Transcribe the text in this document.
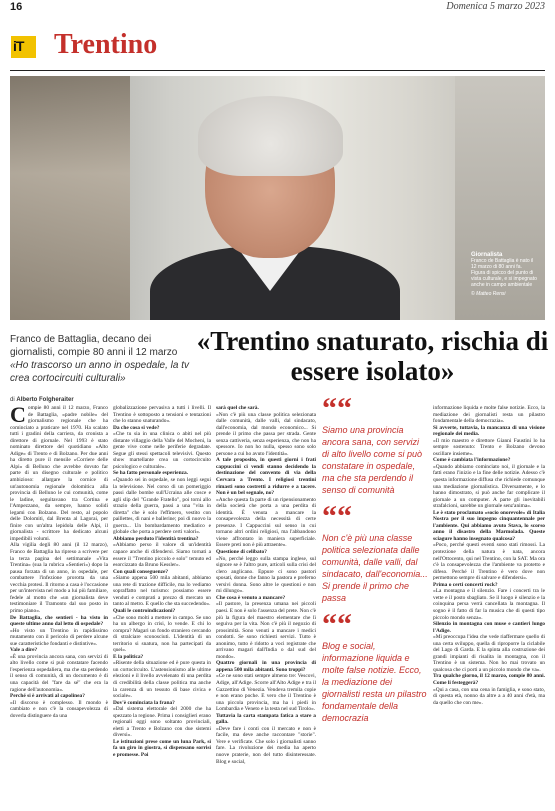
16	Domenica 5 marzo 2023
iT Trentino
Giornalista
Franco de Battaglia è nato il 12 marzo di 80 anni fa. Figura di spicco del punto di vista culturale, e si impegnato anche in campo ambientale
© Matteo Rensi
Franco de Battaglia, decano dei giornalisti, compie 80 anni il 12 marzo «Ho trascorso un anno in ospedale, la tv crea cortocircuiti culturali»
«Trentino snaturato, rischia di essere isolato»
di Alberto Folgheraiter

Compie 80 anni il 12 marzo, Franco de Battaglia, «padre nobile» del giornalismo regionale che ha cominciato a praticare nel 1970. Ha scalato tutti i gradini della carriera, da cronista a direttore di giornale. Nel 1993 è stato nominato direttore del quotidiano «Alto Adige» di Trento e di Bolzano. Per due anni ha diretto pure il mensile «Corriere delle Alpi» di Belluno che avrebbe dovuto far parte di un disegno culturale e politico ambizioso: allargare la cornice di un'autonomia regionale dolomitica alla provincia di Belluno le cui comunità, come le ladine, seguitavano tra Cortina e l'Ampezzano, da sempre, hanno solidi legami con Bolzano. Del resto, al popolo delle Dolomiti, dal Brenta al Lagorai, per finire con un'altra lepidola delle Alpi, il giornalista - scrittore ha dedicato alcuni impedibili volumi.

Alla vigilia degli 80 anni (il 12 marzo), Franco de Battaglia ha ripreso a scrivere per la terza pagina del settimanale «Vita Trentina» (sua la rubrica «Sentieri») dopo la pausa forzata di un anno, in ospedale, per combattere l'infezione prorotta da una vecchia protesi. Il ritorno a casa è l'occasione per un'intervista nel modo a lui più familiare, fedele al motto che «un giornalista deve testimoniare il Tramonto dal suo posto in primo piano».

De Battaglia, che sentieri - ha visto in queste ultime anno dal letto di ospedale?

«Ho visto un Trentino in rapidissimo mutamento con il pericolo di perdere alcune sue caratteristiche fondanti e distintive».

Vale a dire?

«È una provincia ancora sana, con servizi di alto livello come si può constatare facendo l'esperienza ospedaliera, ma che sta perdendo il senso di comunità, di un documento è di una capacità del "fare da sé" che era la ragione dell'autonomia».

Perché si è arrivati al capolinea?

«Il discorso è complesso. Il mondo è cambiato e non c'è la consapevolezza di doverla distinguere da una

globalizzazione pervasiva a tutti i livelli. Il Trentino è sottoposto a tensioni e tentazioni che lo stanno snaturando».

Da che cosa si vede?

«Che tu sia in una clinica o abiti nel più distante villaggio della Valle del Mocheni, la gente vive come nelle periferie degradate. Segue gli stessi spettacoli televisivi. Questo show martellante crea un cortocircuito psicologico e culturale».

Se ha fatto personale esperienza.

«Quando sei in ospedale, se non leggi segui la televisione. Nel corso di un pomeriggio passi dalle bombe sull'Ucraina alle cosce e agli slip del "Grande Fratello", poi torni allo strazio della guerra, passi a una "vita in diretta" che è solo l'effimero, vestito con paillettes, di nani e ballerine; poi di nuovo la guerra... Un bombardamento mediatico e globale che porta a perdere certi valori».

Abbiamo perduto l'identità trentina?

«Abbiamo perso il valore di un'identità capace anche di difendersi. Siamo tornati a essere il "Trentino piccolo e solo" temuto ed esorcizzato da Bruno Kessler».

Con quali conseguenze?

«Siamo appena 500 mila abitanti, abbiamo una rete di trazione difficile, ma lo vediamo sopraffatto nel turismo: possiamo essere venduti e comprati a prezzo di mercato un tanto al metro. E quello che sta succedendo».

Quali le controindicazioni?

«Che sono molti a mettere in campo. Se uno ha un albergo in crisi, lo vende. E chi lo compra? Magari un fondo straniero cercando di stralciare sconosciuti. L'identità di un territorio si snatura, non ha partecipati da quel».

E la politica?

«Risente della situazione ed è pure questa in un cortocircuito. L'astensionismo alle ultime elezioni e il livello avvelenato di una perdita di credibilità della classe politica ma anche la carenza di un tessuto di base civica e sociale».

Dov'è cominciata la frana?

«Dal sistema elettorale del 2000 che ha spezzato la regione. Prima i consiglieri erano regionali oggi sono soltanto provinciali, eletti a Trento e Bolzano con due sistemi diversi».

Le istituzioni prese come un luna Park, si fa un giro in giostra, si dispensano sorrisi e promesse. Poi

sarà quel che sarà.

«Non c'è più una classe politica selezionata dalle comunità, dalle valli, dal sindacato, dall'economia, dal mondo economico... Si prende il primo che passa per strada. Gente senza cattiveria, senza esperienza, che non ha spessore. Io non ho nulla, spesso sono solo persone a cui ho avuto l'identità».

A tale proposito, in questi giorni i frati cappuccini ci vendi stanno decidendo la destinazione del convento di via della Cervara a Trento. I religiosi trentini rimasti sono costretti a ridurre e a tacere. Non è un bel segnale, no?

«Anche questa fa parte di un ripensionamento della società che porta a una perdita di identità. È venuta a mancare la consapevolezza della necessità di certe presenze. I Cappuccini sul senso in cui tornano altri ordini religiosi, ma l'abbandono viene affrontato in maniera superficiale. Essere preti non è più attraente».

Questione di celibato?

«No, perché leggo sulla stampa inglese, sul signore se è l'altro pure, articoli sulla crisi del clero anglicano. Eppure ci sono pastori sposati, donne che fanno la pastora e preferno versivi donna. Sono altre le questioni e non mi dilungo».

Che cosa è venuto a mancare?

«Il pastore, la presenza umana nei piccoli paesi. E non è solo l'assenza del prete. Non c'è più la figura del maestro elementare che lì seguiva per la vita. Non c'è più il negozio di prossimità. Sono venuti a mancare i medici condotti. Se sono richiesti servizi. Tutto è anonimo, tutto è ridotto a voci registrate che arrivano magari dall'India o dal sud del mondo».

Quattro giornali in una provincia di appena 500 mila abitanti. Sono troppi?

«Ce ne sono stati sempre almeno tre: Vescovi, Adige, all'Adige. Scorre all'Alto Adige e tra il Gazzettino di Venezia. Vendeva tremila copie e non erano poche. E vero che il Trentino è una piccola provincia, ma ha i piedi in Lombardia e Veneto e la testa nel sud Tirolo».

Tuttavia la carta stampata fatica a stare a galla.

«Deve fare i conti con il mercato e non è facile, ma deve anche raccontare "storie". Vere e verificate. Che solo i giornalisti sanno fare. La rivoluzione dei media ha aperto nuove praterie, non del tutto disinteressate. Blog e social,

““
Siamo una provincia ancora sana, con servizi di alto livello come si può constatare in ospedale, ma che sta perdendo il senso di comunità
““
Non c'è più una classe politica selezionata dalle comunità, dalle valli, dal sindacato, dall'economia... Si prende il primo che passa
““
Blog e social, informazione liquida e molte false notizie. Ecco, la mediazione dei giornalisti resta un pilastro fondamentale della democrazia

informazione liquida e molte false notizie. Ecco, la mediazione dei giornalisti resta un pilastro fondamentale della democrazia».

Si avverte, tuttavia, la mancanza di una visione regionale dei media.

«Il mio maestro e direttore Gianni Faustini lo ha sempre sostenuto: Trento e Bolzano devono oscillare insieme».

Come è cambiata l'informazione?

«Quando abbiamo cominciato noi, il giornale e la fatti erano l'inizio e la fine delle notizie. Adesso c'è questa informazione diffusa che richiede comunque una mediazione giornalistica. Diversamente, e lo hanno dimostrato, si può anche far complicare il giornale a un computer. A parte gli inevitabili strafalcioni, sarebbe un giornale senz'anima».

Le è stato proclamato «socio onorevole» di Italia Nostra per il suo impegno cinquantennale per l'ambiente. Qui abbiamo avuto Stava, lo scorso anno il disastro della Marmolada. Queste sciagure hanno insegnato qualcosa?

«Poco, perché questi eventi sono stati rimossi. La protezione della natura è nata, ancora nell'Ottocento, qui nel Trentino, con la SAT. Ma ora c'è la consapevolezza che l'ambiente va protetto e difeso. Perché il Trentino è vero dove non permettono sempre di salvare e difendersi».

Prima o certi concerti rock?

«La montagna e il silenzio. Fare i concerti tra le vette e il posto sbagliato. Se il luogo è silenzio e la coinquina persa verrà cancellata la montagna. Il sogno è il fatto di far la musica che di questi tipo piccolo mondo senza».

Silenzio in montagna con muse e cantieri lungo l'Adige.

«Mi preoccupa l'idea che vede riaffermare quello di una certa sviluppo, quella di riproporre la ciclabile del Lago di Garda. E la spinta alla costruzione dei grandi impianti di risalita in montagna, con il Trentino è un sistema. Non ho mai trovato un qualcosa che ci porti a un piccolo mondo che va».

Tra qualche giorno, il 12 marzo, compie 80 anni. Come li festeggerà?

«Qui a casa, con una cena in famiglia, e sono stato, di questa età, nonno da altre a a 40 anni d'età, ma da quello che con me».
